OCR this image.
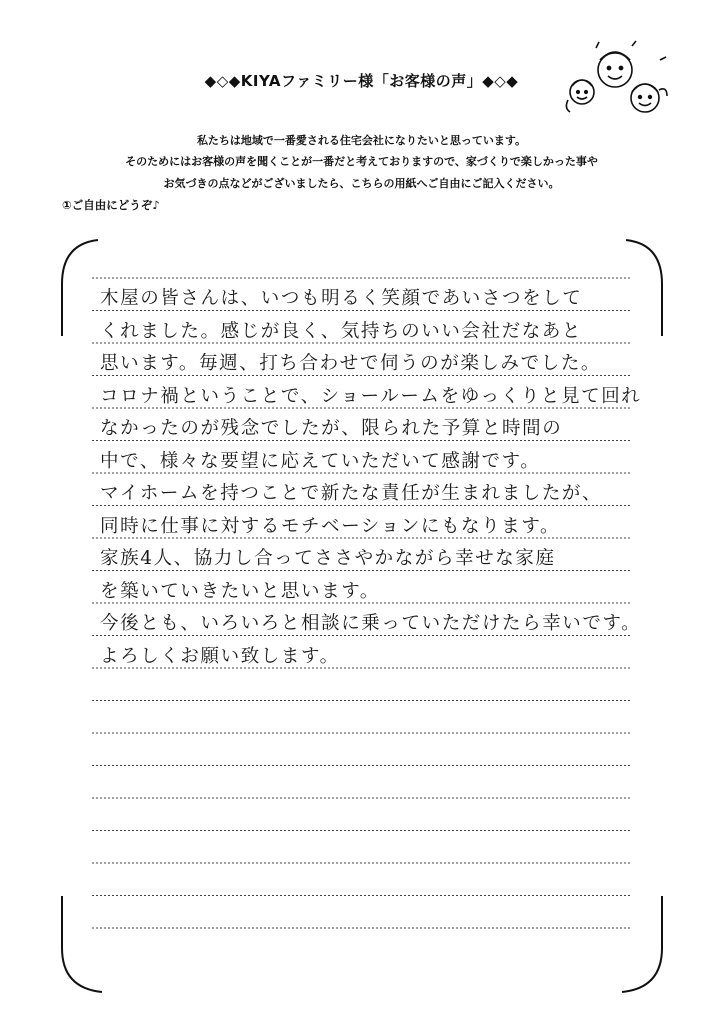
◆◇◆KIYAファミリー様「お客様の声」◆◇◆
私たちは地域で一番愛される住宅会社になりたいと思っています。
そのためにはお客様の声を聞くことが一番だと考えておりますので、家づくりで楽しかった事や
お気づきの点などがございましたら、こちらの用紙へご自由にご記入ください。
①ご自由にどうぞ♪
木屋の皆さんは、いつも明るく笑顔であいさつをして
くれました。感じが良く、気持ちのいい会社だなあと
思います。毎週、打ち合わせで伺うのが楽しみでした。
コロナ禍ということで、ショールームをゆっくりと見て回れ
なかったのが残念でしたが、限られた予算と時間の
中で、様々な要望に応えていただいて感謝です。
マイホームを持つことで新たな責任が生まれましたが、
同時に仕事に対するモチベーションにもなります。
家族4人、協力し合ってささやかながら幸せな家庭
を築いていきたいと思います。
今後とも、いろいろと相談に乗っていただけたら幸いです。
よろしくお願い致します。
